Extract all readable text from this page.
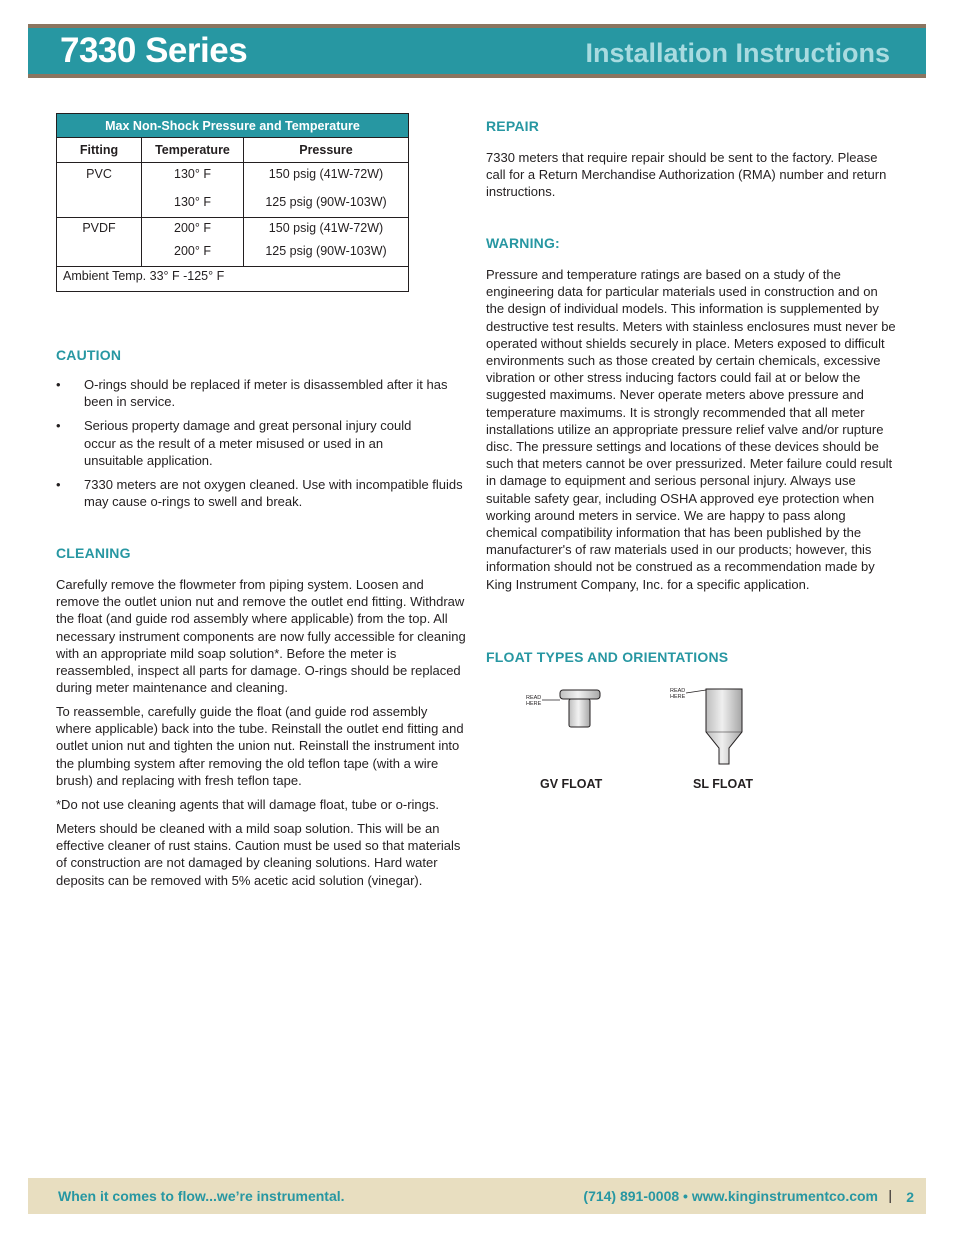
7330 Series	Installation Instructions
Max Non-Shock Pressure and Temperature		
Fitting	Temperature	Pressure
PVC	130° F	150 psig (41W-72W)
	130° F	125 psig (90W-103W)
PVDF	200° F	150 psig (41W-72W)
	200° F	125 psig (90W-103W)
Ambient Temp. 33° F -125° F		
CAUTION
• O-rings should be replaced if meter is disassembled after it has been in service.
• Serious property damage and great personal injury could occur as the result of a meter misused or used in an unsuitable application.
• 7330 meters are not oxygen cleaned. Use with incompatible fluids may cause o-rings to swell and break.
CLEANING

Carefully remove the flowmeter from piping system. Loosen and remove the outlet union nut and remove the outlet end fitting. Withdraw the float (and guide rod assembly where applicable) from the top. All necessary instrument components are now fully accessible for cleaning with an appropriate mild soap solution*. Before the meter is reassembled, inspect all parts for damage. O-rings should be replaced during meter maintenance and cleaning.

To reassemble, carefully guide the float (and guide rod assembly where applicable) back into the tube. Reinstall the outlet end fitting and outlet union nut and tighten the union nut. Reinstall the instrument into the plumbing system after removing the old teflon tape (with a wire brush) and replacing with fresh teflon tape.

*Do not use cleaning agents that will damage float, tube or o-rings.

Meters should be cleaned with a mild soap solution. This will be an effective cleaner of rust stains. Caution must be used so that materials of construction are not damaged by cleaning solutions. Hard water deposits can be removed with 5% acetic acid solution (vinegar).

REPAIR

7330 meters that require repair should be sent to the factory. Please call for a Return Merchandise Authorization (RMA) number and return instructions.

WARNING:

Pressure and temperature ratings are based on a study of the engineering data for particular materials used in construction and on the design of individual models. This information is supplemented by destructive test results. Meters with stainless enclosures must never be operated without shields securely in place. Meters exposed to difficult environments such as those created by certain chemicals, excessive vibration or other stress inducing factors could fail at or below the suggested maximums. Never operate meters above pressure and temperature maximums. It is strongly recommended that all meter installations utilize an appropriate pressure relief valve and/or rupture disc. The pressure settings and locations of these devices should be such that meters cannot be over pressurized. Meter failure could result in damage to equipment and serious personal injury. Always use suitable safety gear, including OSHA approved eye protection when working around meters in service. We are happy to pass along chemical compatibility information that has been published by the manufacturer's of raw materials used in our products; however, this information should not be construed as a recommendation made by King Instrument Company, Inc. for a specific application.

FLOAT TYPES AND ORIENTATIONS
READ
HERE
READ
HERE

GV FLOAT	SL FLOAT

When it comes to flow...we’re instrumental.	(714) 891-0008 • www.kinginstrumentco.com | 2
